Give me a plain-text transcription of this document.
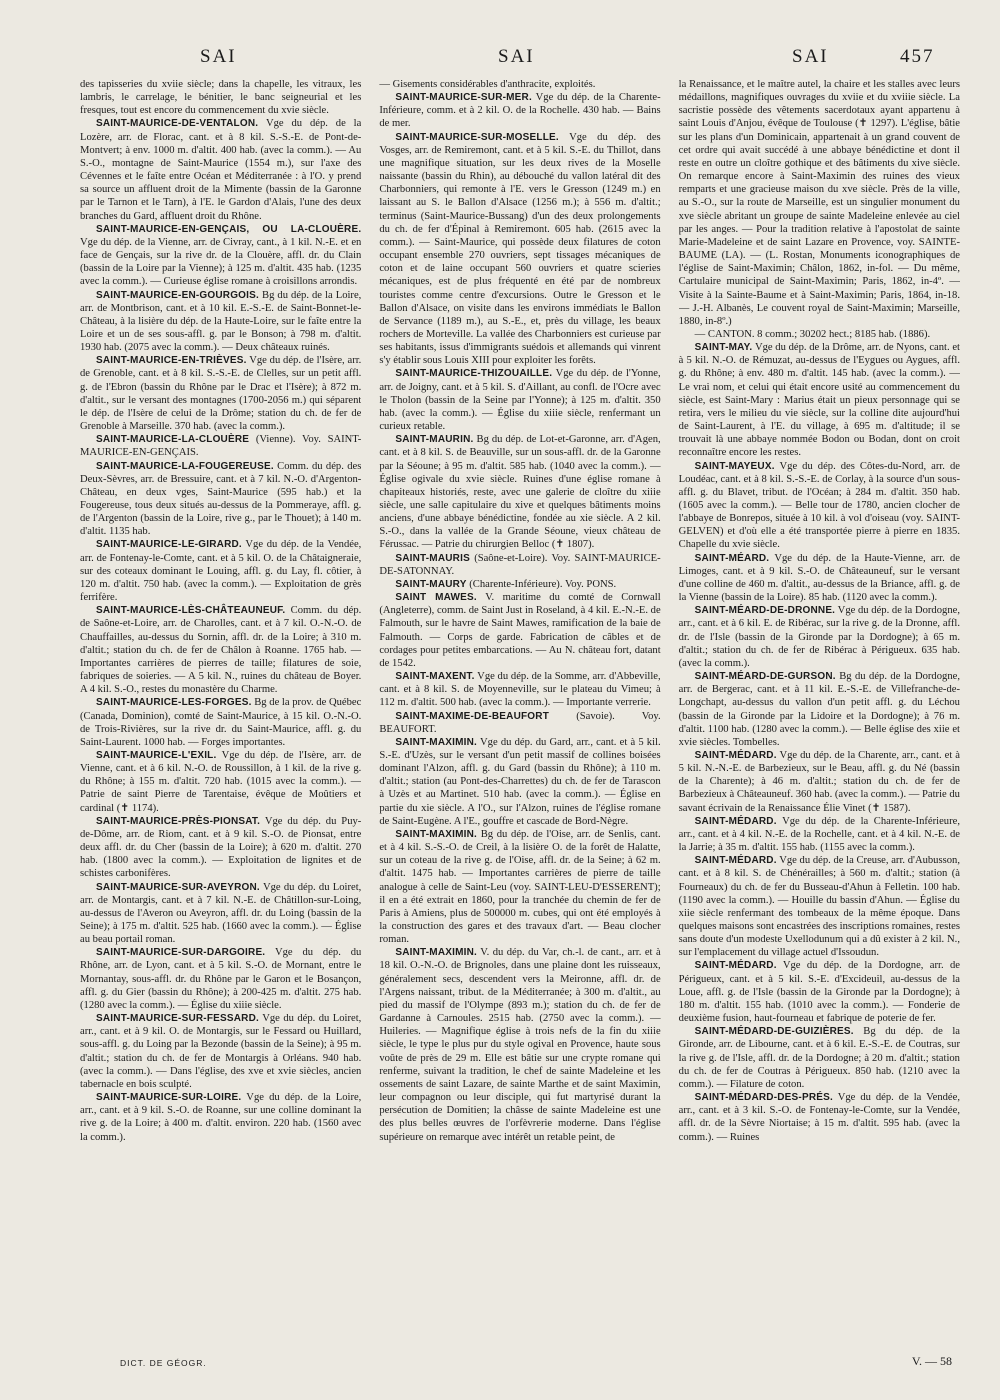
SAI	SAI	SAI	457

des tapisseries du xviie siècle; dans la chapelle, les vitraux, les lambris, le carrelage, le bénitier, le banc seigneurial et les fresques, tout est encore du commencement du xvie siècle.

SAINT-MAURICE-DE-VENTALON. Vge du dép. de la Lozère, arr. de Florac, cant. et à 8 kil. S.-S.-E. de Pont-de-Montvert; à env. 1000 m. d'altit. 400 hab. (avec la comm.). — Au S.-O., montagne de Saint-Maurice (1554 m.), sur l'axe des Cévennes et le faîte entre Océan et Méditerranée : à l'O. y prend sa source un affluent droit de la Mimente (bassin de la Garonne par le Tarnon et le Tarn), à l'E. le Gardon d'Alais, l'une des deux branches du Gard, affluent droit du Rhône.

SAINT-MAURICE-EN-GENÇAIS, OU LA-CLOUÈRE. Vge du dép. de la Vienne, arr. de Civray, cant., à 1 kil. N.-E. et en face de Gençais, sur la rive dr. de la Clouère, affl. dr. du Clain (bassin de la Loire par la Vienne); à 125 m. d'altit. 435 hab. (1235 avec la comm.). — Curieuse église romane à croisillons arrondis.

SAINT-MAURICE-EN-GOURGOIS. Bg du dép. de la Loire, arr. de Montbrison, cant. et à 10 kil. E.-S.-E. de Saint-Bonnet-le-Château, à la lisière du dép. de la Haute-Loire, sur le faîte entre la Loire et un de ses sous-affl. g. par le Bonson; à 798 m. d'altit. 1930 hab. (2075 avec la comm.). — Deux châteaux ruinés.

SAINT-MAURICE-EN-TRIÈVES. Vge du dép. de l'Isère, arr. de Grenoble, cant. et à 8 kil. S.-S.-E. de Clelles, sur un petit affl. g. de l'Ebron (bassin du Rhône par le Drac et l'Isère); à 872 m. d'altit., sur le versant des montagnes (1700-2056 m.) qui séparent le dép. de l'Isère de celui de la Drôme; station du ch. de fer de Grenoble à Marseille. 370 hab. (avec la comm.).

SAINT-MAURICE-LA-CLOUÈRE (Vienne). Voy. SAINT-MAURICE-EN-GENÇAIS.

SAINT-MAURICE-LA-FOUGEREUSE. Comm. du dép. des Deux-Sèvres, arr. de Bressuire, cant. et à 7 kil. N.-O. d'Argenton-Château, en deux vges, Saint-Maurice (595 hab.) et la Fougereuse, tous deux situés au-dessus de la Pommeraye, affl. g. de l'Argenton (bassin de la Loire, rive g., par le Thouet); à 140 m. d'altit. 1135 hab.

SAINT-MAURICE-LE-GIRARD. Vge du dép. de la Vendée, arr. de Fontenay-le-Comte, cant. et à 5 kil. O. de la Châtaigneraie, sur des coteaux dominant le Louing, affl. g. du Lay, fl. côtier, à 120 m. d'altit. 750 hab. (avec la comm.). — Exploitation de grès ferrifère.

SAINT-MAURICE-LÈS-CHÂTEAUNEUF. Comm. du dép. de Saône-et-Loire, arr. de Charolles, cant. et à 7 kil. O.-N.-O. de Chauffailles, au-dessus du Sornin, affl. dr. de la Loire; à 310 m. d'altit.; station du ch. de fer de Châlon à Roanne. 1765 hab. — Importantes carrières de pierres de taille; filatures de soie, fabriques de soieries. — A 5 kil. N., ruines du château de Boyer. A 4 kil. S.-O., restes du monastère du Charme.

SAINT-MAURICE-LES-FORGES. Bg de la prov. de Québec (Canada, Dominion), comté de Saint-Maurice, à 15 kil. O.-N.-O. de Trois-Rivières, sur la rive dr. du Saint-Maurice, affl. g. du Saint-Laurent. 1000 hab. — Forges importantes.

SAINT-MAURICE-L'EXIL. Vge du dép. de l'Isère, arr. de Vienne, cant. et à 6 kil. N.-O. de Roussillon, à 1 kil. de la rive g. du Rhône; à 155 m. d'altit. 720 hab. (1015 avec la comm.). — Patrie de saint Pierre de Tarentaise, évêque de Moûtiers et cardinal (✝ 1174).

SAINT-MAURICE-PRÈS-PIONSAT. Vge du dép. du Puy-de-Dôme, arr. de Riom, cant. et à 9 kil. S.-O. de Pionsat, entre deux affl. dr. du Cher (bassin de la Loire); à 620 m. d'altit. 270 hab. (1800 avec la comm.). — Exploitation de lignites et de schistes carbonifères.

SAINT-MAURICE-SUR-AVEYRON. Vge du dép. du Loiret, arr. de Montargis, cant. et à 7 kil. N.-E. de Châtillon-sur-Loing, au-dessus de l'Averon ou Aveyron, affl. dr. du Loing (bassin de la Seine); à 175 m. d'altit. 525 hab. (1660 avec la comm.). — Église au beau portail roman.

SAINT-MAURICE-SUR-DARGOIRE. Vge du dép. du Rhône, arr. de Lyon, cant. et à 5 kil. S.-O. de Mornant, entre le Mornantay, sous-affl. dr. du Rhône par le Garon et le Bosançon, affl. g. du Gier (bassin du Rhône); à 200-425 m. d'altit. 275 hab. (1280 avec la comm.). — Église du xiiie siècle.

SAINT-MAURICE-SUR-FESSARD. Vge du dép. du Loiret, arr., cant. et à 9 kil. O. de Montargis, sur le Fessard ou Huillard, sous-affl. g. du Loing par la Bezonde (bassin de la Seine); à 95 m. d'altit.; station du ch. de fer de Montargis à Orléans. 940 hab. (avec la comm.). — Dans l'église, des xve et xvie siècles, ancien tabernacle en bois sculpté.

SAINT-MAURICE-SUR-LOIRE. Vge du dép. de la Loire, arr., cant. et à 9 kil. S.-O. de Roanne, sur une colline dominant la rive g. de la Loire; à 400 m. d'altit. environ. 220 hab. (1560 avec la comm.).

— Gisements considérables d'anthracite, exploités.

SAINT-MAURICE-SUR-MER. Vge du dép. de la Charente-Inférieure, comm. et à 2 kil. O. de la Rochelle. 430 hab. — Bains de mer.

SAINT-MAURICE-SUR-MOSELLE. Vge du dép. des Vosges, arr. de Remiremont, cant. et à 5 kil. S.-E. du Thillot, dans une magnifique situation, sur les deux rives de la Moselle naissante (bassin du Rhin), au débouché du vallon latéral dit des Charbonniers, qui remonte à l'E. vers le Gresson (1249 m.) en laissant au S. le Ballon d'Alsace (1256 m.); à 556 m. d'altit.; terminus (Saint-Maurice-Bussang) d'un des deux prolongements du ch. de fer d'Épinal à Remiremont. 605 hab. (2615 avec la comm.). — Saint-Maurice, qui possède deux filatures de coton occupant ensemble 270 ouvriers, sept tissages mécaniques de coton et de laine occupant 560 ouvriers et quatre scieries mécaniques, est de plus fréquenté en été par de nombreux touristes comme centre d'excursions. Outre le Gresson et le Ballon d'Alsace, on visite dans les environs immédiats le Ballon de Servance (1189 m.), au S.-E., et, près du village, les beaux rochers de Morteville. La vallée des Charbonniers est curieuse par ses habitants, issus d'immigrants suédois et allemands qui vinrent s'y établir sous Louis XIII pour exploiter les forêts.

SAINT-MAURICE-THIZOUAILLE. Vge du dép. de l'Yonne, arr. de Joigny, cant. et à 5 kil. S. d'Aillant, au confl. de l'Ocre avec le Tholon (bassin de la Seine par l'Yonne); à 125 m. d'altit. 350 hab. (avec la comm.). — Église du xiiie siècle, renfermant un curieux retable.

SAINT-MAURIN. Bg du dép. de Lot-et-Garonne, arr. d'Agen, cant. et à 8 kil. S. de Beauville, sur un sous-affl. dr. de la Garonne par la Séoune; à 95 m. d'altit. 585 hab. (1040 avec la comm.). — Église ogivale du xvie siècle. Ruines d'une église romane à chapiteaux historiés, reste, avec une galerie de cloître du xiiie siècle, une salle capitulaire du xive et quelques bâtiments moins anciens, d'une abbaye bénédictine, fondée au xie siècle. A 2 kil. S.-O., dans la vallée de la Grande Séoune, vieux château de Férussac. — Patrie du chirurgien Belloc (✝ 1807).

SAINT-MAURIS (Saône-et-Loire). Voy. SAINT-MAURICE-DE-SATONNAY.

SAINT-MAURY (Charente-Inférieure). Voy. PONS.

SAINT MAWES. V. maritime du comté de Cornwall (Angleterre), comm. de Saint Just in Roseland, à 4 kil. E.-N.-E. de Falmouth, sur le havre de Saint Mawes, ramification de la baie de Falmouth. — Corps de garde. Fabrication de câbles et de cordages pour petites embarcations. — Au N. château fort, datant de 1542.

SAINT-MAXENT. Vge du dép. de la Somme, arr. d'Abbeville, cant. et à 8 kil. S. de Moyenneville, sur le plateau du Vimeu; à 112 m. d'altit. 500 hab. (avec la comm.). — Importante verrerie.

SAINT-MAXIME-DE-BEAUFORT	(Savoie). Voy. BEAUFORT.

SAINT-MAXIMIN. Vge du dép. du Gard, arr., cant. et à 5 kil. S.-E. d'Uzès, sur le versant d'un petit massif de collines boisées dominant l'Alzon, affl. g. du Gard (bassin du Rhône); à 110 m. d'altit.; station (au Pont-des-Charrettes) du ch. de fer de Tarascon à Uzès et au Martinet. 510 hab. (avec la comm.). — Église en partie du xie siècle. A l'O., sur l'Alzon, ruines de l'église romane de Saint-Eugène. A l'E., gouffre et cascade de Bord-Nègre.

SAINT-MAXIMIN. Bg du dép. de l'Oise, arr. de Senlis, cant. et à 4 kil. S.-S.-O. de Creil, à la lisière O. de la forêt de Halatte, sur un coteau de la rive g. de l'Oise, affl. dr. de la Seine; à 62 m. d'altit. 1475 hab. — Importantes carrières de pierre de taille analogue à celle de Saint-Leu (voy. SAINT-LEU-D'ESSERENT); il en a été extrait en 1860, pour la tranchée du chemin de fer de Paris à Amiens, plus de 500000 m. cubes, qui ont été employés à la construction des gares et des travaux d'art. — Beau clocher roman.

SAINT-MAXIMIN. V. du dép. du Var, ch.-l. de cant., arr. et à 18 kil. O.-N.-O. de Brignoles, dans une plaine dont les ruisseaux, généralement secs, descendent vers la Meironne, affl. dr. de l'Argens naissant, tribut. de la Méditerranée; à 300 m. d'altit., au pied du massif de l'Olympe (893 m.); station du ch. de fer de Gardanne à Carnoules. 2515 hab. (2750 avec la comm.). — Huileries. — Magnifique église à trois nefs de la fin du xiiie siècle, le type le plus pur du style ogival en Provence, haute sous voûte de près de 29 m. Elle est bâtie sur une crypte romane qui renferme, suivant la tradition, le chef de sainte Madeleine et les ossements de saint Lazare, de sainte Marthe et de saint Maximin, leur compagnon ou leur disciple, qui fut martyrisé durant la persécution de Domitien; la châsse de sainte Madeleine est une des plus belles œuvres de l'orfèvrerie moderne. Dans l'église supérieure on remarque avec intérêt un retable peint, de

la Renaissance, et le maître autel, la chaire et les stalles avec leurs médaillons, magnifiques ouvrages du xviie et du xviiie siècle. La sacristie possède des vêtements sacerdotaux ayant appartenu à saint Louis d'Anjou, évêque de Toulouse (✝ 1297). L'église, bâtie sur les plans d'un Dominicain, appartenait à un grand couvent de cet ordre qui avait succédé à une abbaye bénédictine et dont il reste en outre un cloître gothique et des bâtiments du xive siècle. On remarque encore à Saint-Maximin des ruines des vieux remparts et une gracieuse maison du xve siècle. Près de la ville, au S.-O., sur la route de Marseille, est un singulier monument du xve siècle abritant un groupe de sainte Madeleine enlevée au ciel par les anges. — Pour la tradition relative à l'apostolat de sainte Marie-Madeleine et de saint Lazare en Provence, voy. SAINTE-BAUME (LA). — (L. Rostan, Monuments iconographiques de l'église de Saint-Maximin; Châlon, 1862, in-fol. — Du même, Cartulaire municipal de Saint-Maximin; Paris, 1862, in-4º. — Visite à la Sainte-Baume et à Saint-Maximin; Paris, 1864, in-18. — J.-H. Albanès, Le couvent royal de Saint-Maximin; Marseille, 1880, in-8º.)

— CANTON. 8 comm.; 30202 hect.; 8185 hab. (1886).

SAINT-MAY. Vge du dép. de la Drôme, arr. de Nyons, cant. et à 5 kil. N.-O. de Rémuzat, au-dessus de l'Eygues ou Aygues, affl. g. du Rhône; à env. 480 m. d'altit. 145 hab. (avec la comm.). — Le vrai nom, et celui qui était encore usité au commencement du siècle, est Saint-Mary : Marius était un pieux personnage qui se retira, vers le milieu du vie siècle, sur la colline dite aujourd'hui de Saint-Laurent, à l'E. du village, à 695 m. d'altitude; il se trouvait là une abbaye nommée Bodon ou Bodan, dont on croit reconnaître encore les restes.

SAINT-MAYEUX. Vge du dép. des Côtes-du-Nord, arr. de Loudéac, cant. et à 8 kil. S.-S.-E. de Corlay, à la source d'un sous-affl. g. du Blavet, tribut. de l'Océan; à 284 m. d'altit. 350 hab. (1605 avec la comm.). — Belle tour de 1780, ancien clocher de l'abbaye de Bonrepos, située à 10 kil. à vol d'oiseau (voy. SAINT-GELVEN) et d'où elle a été transportée pierre à pierre en 1835. Chapelle du xvie siècle.

SAINT-MÉARD. Vge du dép. de la Haute-Vienne, arr. de Limoges, cant. et à 9 kil. S.-O. de Châteauneuf, sur le versant d'une colline de 460 m. d'altit., au-dessus de la Briance, affl. g. de la Vienne (bassin de la Loire). 85 hab. (1120 avec la comm.).

SAINT-MÉARD-DE-DRONNE. Vge du dép. de la Dordogne, arr., cant. et à 6 kil. E. de Ribérac, sur la rive g. de la Dronne, affl. dr. de l'Isle (bassin de la Gironde par la Dordogne); à 65 m. d'altit.; station du ch. de fer de Ribérac à Périgueux. 635 hab. (avec la comm.).

SAINT-MÉARD-DE-GURSON. Bg du dép. de la Dordogne, arr. de Bergerac, cant. et à 11 kil. E.-S.-E. de Villefranche-de-Longchapt, au-dessus du vallon d'un petit affl. g. du Léchou (bassin de la Gironde par la Lidoire et la Dordogne); à 76 m. d'altit. 1100 hab. (1280 avec la comm.). — Belle église des xiie et xvie siècles. Tombelles.

SAINT-MÉDARD. Vge du dép. de la Charente, arr., cant. et à 5 kil. N.-N.-E. de Barbezieux, sur le Beau, affl. g. du Né (bassin de la Charente); à 46 m. d'altit.; station du ch. de fer de Barbezieux à Châteauneuf. 360 hab. (avec la comm.). — Patrie du savant écrivain de la Renaissance Élie Vinet (✝ 1587).

SAINT-MÉDARD. Vge du dép. de la Charente-Inférieure, arr., cant. et à 4 kil. N.-E. de la Rochelle, cant. et à 4 kil. N.-E. de la Jarrie; à 35 m. d'altit. 155 hab. (1155 avec la comm.).

SAINT-MÉDARD. Vge du dép. de la Creuse, arr. d'Aubusson, cant. et à 8 kil. S. de Chénérailles; à 560 m. d'altit.; station (à Fourneaux) du ch. de fer du Busseau-d'Ahun à Felletin. 100 hab. (1190 avec la comm.). — Houille du bassin d'Ahun. — Église du xiie siècle renfermant des tombeaux de la même époque. Dans quelques maisons sont encastrées des inscriptions romaines, restes sans doute d'un modeste Uxellodunum qui a dû exister à 2 kil. N., sur l'emplacement du village actuel d'Issoudun.

SAINT-MÉDARD. Vge du dép. de la Dordogne, arr. de Périgueux, cant. et à 5 kil. S.-E. d'Excideuil, au-dessus de la Loue, affl. g. de l'Isle (bassin de la Gironde par la Dordogne); à 180 m. d'altit. 155 hab. (1010 avec la comm.). — Fonderie de deuxième fusion, haut-fourneau et fabrique de poterie de fer.

SAINT-MÉDARD-DE-GUIZIÈRES. Bg du dép. de la Gironde, arr. de Libourne, cant. et à 6 kil. E.-S.-E. de Coutras, sur la rive g. de l'Isle, affl. dr. de la Dordogne; à 20 m. d'altit.; station du ch. de fer de Coutras à Périgueux. 850 hab. (1210 avec la comm.). — Filature de coton.

SAINT-MÉDARD-DES-PRÉS. Vge du dép. de la Vendée, arr., cant. et à 3 kil. S.-O. de Fontenay-le-Comte, sur la Vendée, affl. dr. de la Sèvre Niortaise; à 15 m. d'altit. 595 hab. (avec la comm.). — Ruines

DICT. DE GÉOGR.	V. — 58
